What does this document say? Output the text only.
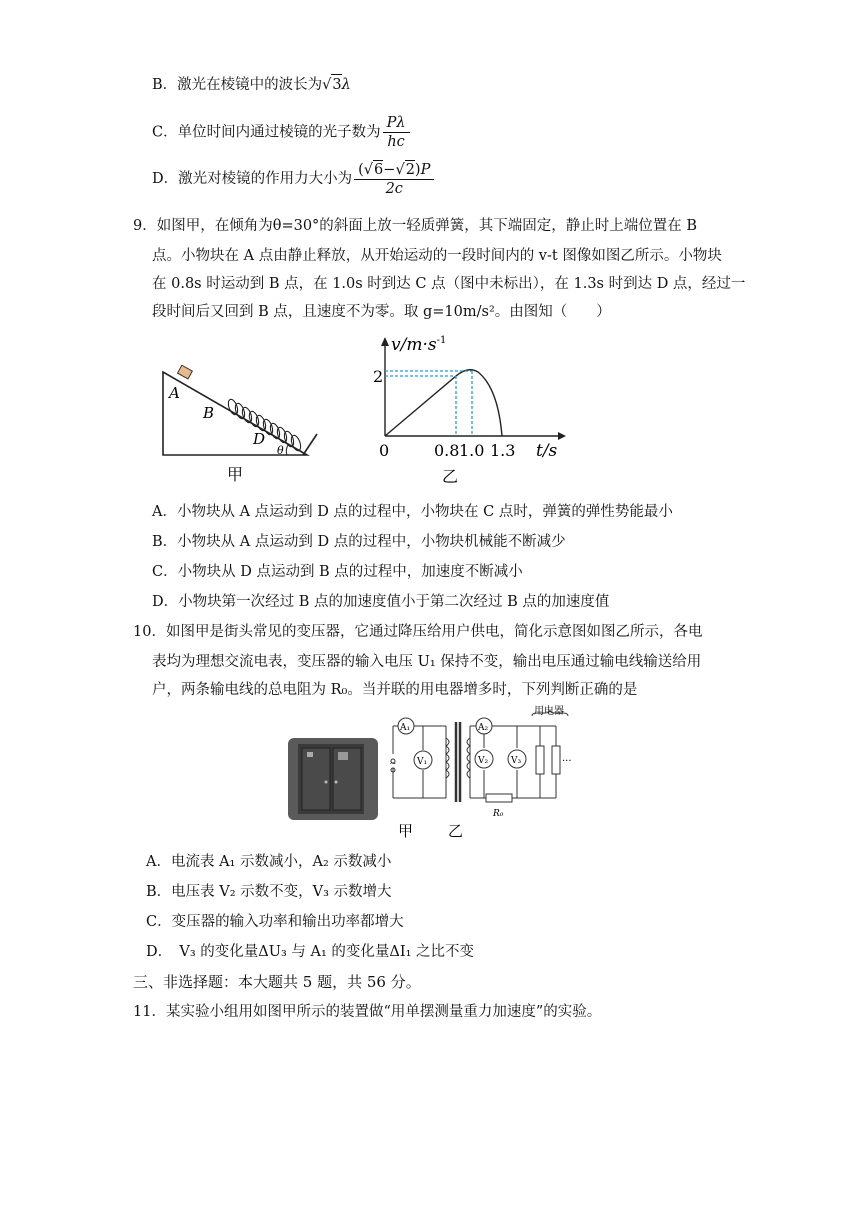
B．激光在棱镜中的波长为√3λ
C．单位时间内通过棱镜的光子数为 $\frac{P\lambda}{hc}$
D．激光对棱镜的作用力大小为 $\frac{(√6-√2)P}{2c}$
9．如图甲，在倾角为θ=30°的斜面上放一轻质弹簧，其下端固定，静止时上端位置在 B
点。小物块在 A 点由静止释放，从开始运动的一段时间内的 v-t 图像如图乙所示。小物块
在 0.8s 时运动到 B 点，在 1.0s 时到达 C 点（图中未标出），在 1.3s 时到达 D 点，经过一
段时间后又回到 B 点，且速度不为零。取 g=10m/s²。由图知（　　）
A
B
D
θ
甲
$v/m\cdot s^{-1}$
2
0	0.8 1.0 1.3 t/s
乙
A．小物块从 A 点运动到 D 点的过程中，小物块在 C 点时，弹簧的弹性势能最小
B．小物块从 A 点运动到 D 点的过程中，小物块机械能不断减少
C．小物块从 D 点运动到 B 点的过程中，加速度不断减小
D．小物块第一次经过 B 点的加速度值小于第二次经过 B 点的加速度值
10．如图甲是街头常见的变压器，它通过降压给用户供电，简化示意图如图乙所示，各电
表均为理想交流电表，变压器的输入电压 U₁ 保持不变，输出电压通过输电线输送给用
户，两条输电线的总电阻为 R₀。当并联的用电器增多时，下列判断正确的是
~
A₁
V₁
A₂
V₂	V₃
R₀
用电器
···
甲 乙
A．电流表 A₁ 示数减小，A₂ 示数减小
B．电压表 V₂ 示数不变，V₃ 示数增大
C．变压器的输入功率和输出功率都增大
D．　V₃ 的变化量ΔU₃ 与 A₁ 的变化量ΔI₁ 之比不变
三、非选择题：本大题共 5 题，共 56 分。
11．某实验小组用如图甲所示的装置做“用单摆测量重力加速度”的实验。
